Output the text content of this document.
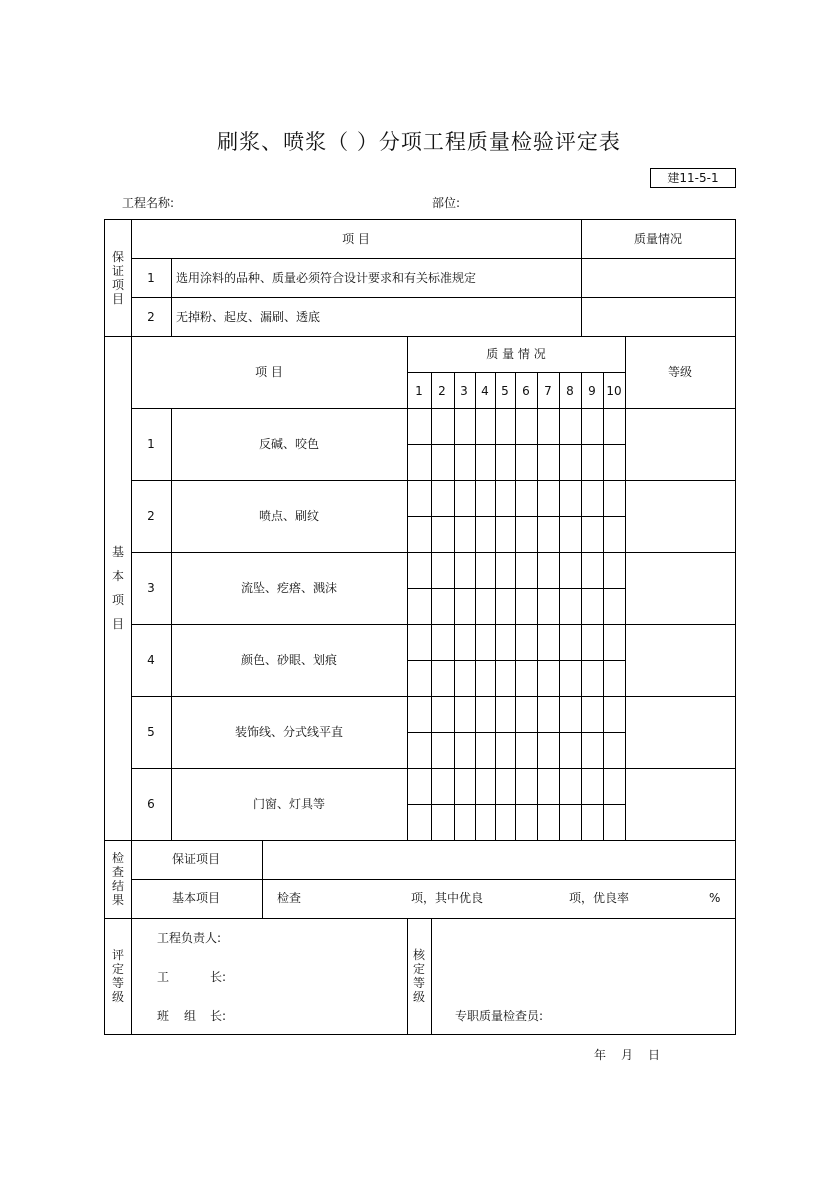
刷浆、喷浆（ ）分项工程质量检验评定表
建11-5-1
工程名称:	部位:
保证项目
项 目	质量情况
1 选用涂料的品种、质量必须符合设计要求和有关标准规定
2 无掉粉、起皮、漏刷、透底
基本项目
项 目
质 量 情 况
等级
1 2 3 4 5 6 7 8 9 10
1	反碱、咬色
2	喷点、刷纹
3	流坠、疙瘩、溅沫
4	颜色、砂眼、划痕
5	装饰线、分式线平直
6	门窗、灯具等
检查结果
保证项目
基本项目	检查	项，其中优良	项，优良率	%
评定等级
工程负责人:
工	长:
班 组 长:
核定等级
专职质量检查员:
年 月 日
